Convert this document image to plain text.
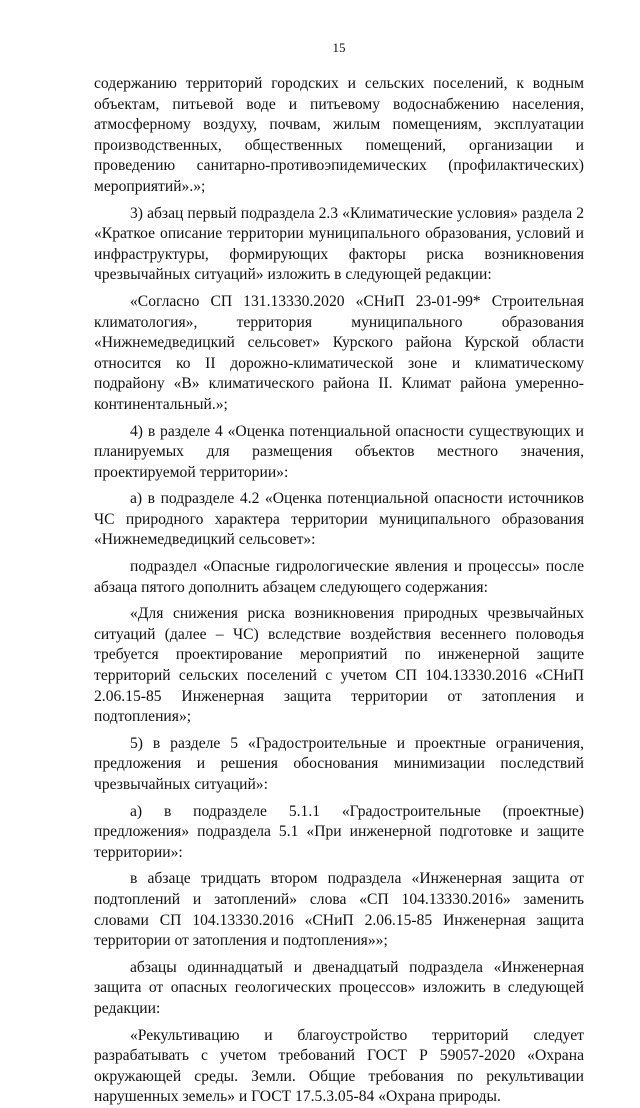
15

содержанию территорий городских и сельских поселений, к водным объектам, питьевой воде и питьевому водоснабжению населения, атмосферному воздуху, почвам, жилым помещениям, эксплуатации производственных, общественных помещений, организации и проведению санитарно-противоэпидемических (профилактических) мероприятий».»;

3) абзац первый подраздела 2.3 «Климатические условия» раздела 2 «Краткое описание территории муниципального образования, условий и инфраструктуры, формирующих факторы риска возникновения чрезвычайных ситуаций» изложить в следующей редакции:

«Согласно СП 131.13330.2020 «СНиП 23-01-99* Строительная климатология», территория муниципального образования «Нижнемедведицкий сельсовет» Курского района Курской области относится ко II дорожно-климатической зоне и климатическому подрайону «В» климатического района II. Климат района умеренно-континентальный.»;

4) в разделе 4 «Оценка потенциальной опасности существующих и планируемых для размещения объектов местного значения, проектируемой территории»:

а) в подразделе 4.2 «Оценка потенциальной опасности источников ЧС природного характера территории муниципального образования «Нижнемедведицкий сельсовет»:

подраздел «Опасные гидрологические явления и процессы» после абзаца пятого дополнить абзацем следующего содержания:

«Для снижения риска возникновения природных чрезвычайных ситуаций (далее – ЧС) вследствие воздействия весеннего половодья требуется проектирование мероприятий по инженерной защите территорий сельских поселений с учетом СП 104.13330.2016 «СНиП 2.06.15-85 Инженерная защита территории от затопления и подтопления»;

5) в разделе 5 «Градостроительные и проектные ограничения, предложения и решения обоснования минимизации последствий чрезвычайных ситуаций»:

а) в подразделе 5.1.1 «Градостроительные (проектные) предложения» подраздела 5.1 «При инженерной подготовке и защите территории»:

в абзаце тридцать втором подраздела «Инженерная защита от подтоплений и затоплений» слова «СП 104.13330.2016» заменить словами СП 104.13330.2016 «СНиП 2.06.15-85 Инженерная защита территории от затопления и подтопления»»;

абзацы одиннадцатый и двенадцатый подраздела «Инженерная защита от опасных геологических процессов» изложить в следующей редакции:

«Рекультивацию и благоустройство территорий следует разрабатывать с учетом требований ГОСТ Р 59057-2020 «Охрана окружающей среды. Земли. Общие требования по рекультивации нарушенных земель» и ГОСТ 17.5.3.05-84 «Охрана природы.
